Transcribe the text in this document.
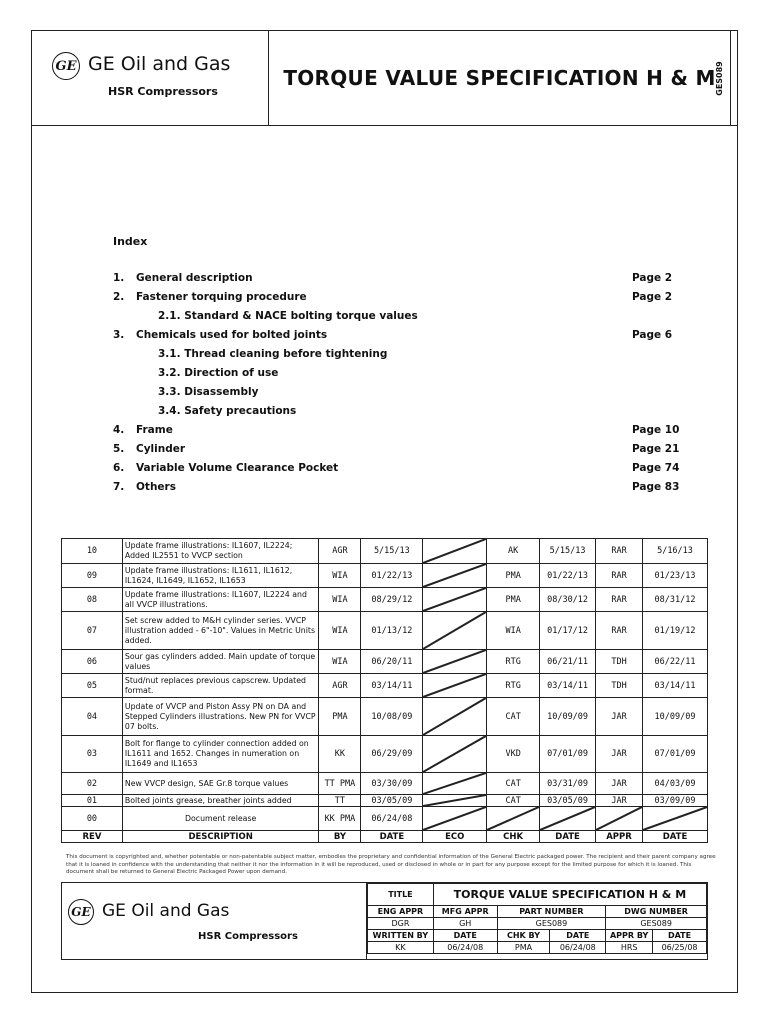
GE GE Oil and Gas
HSR Compressors
TORQUE VALUE SPECIFICATION H & M
GES089
Index
1. General description	Page 2
2. Fastener torquing procedure	Page 2
2.1. Standard & NACE bolting torque values
3. Chemicals used for bolted joints	Page 6
3.1. Thread cleaning before tightening
3.2. Direction of use
3.3. Disassembly
3.4. Safety precautions
4. Frame	Page 10
5. Cylinder	Page 21
6. Variable Volume Clearance Pocket	Page 74
7. Others	Page 83
10	Update frame illustrations: IL1607, IL2224; Added IL2551 to VVCP section	AGR	5/15/13		AK	5/15/13	RAR	5/16/13
09	Update frame illustrations: IL1611, IL1612, IL1624, IL1649, IL1652, IL1653	WIA	01/22/13		PMA	01/22/13	RAR	01/23/13
08	Update frame illustrations: IL1607, IL2224 and all VVCP illustrations.	WIA	08/29/12		PMA	08/30/12	RAR	08/31/12
07	Set screw added to M&H cylinder series. VVCP illustration added - 6"-10". Values in Metric Units added.	WIA	01/13/12		WIA	01/17/12	RAR	01/19/12
06	Sour gas cylinders added. Main update of torque values	WIA	06/20/11		RTG	06/21/11	TDH	06/22/11
05	Stud/nut replaces previous capscrew. Updated format.	AGR	03/14/11		RTG	03/14/11	TDH	03/14/11
04	Update of VVCP and Piston Assy PN on DA and Stepped Cylinders illustrations. New PN for VVCP 07 bolts.	PMA	10/08/09		CAT	10/09/09	JAR	10/09/09
03	Bolt for flange to cylinder connection added on IL1611 and 1652. Changes in numeration on IL1649 and IL1653	KK	06/29/09		VKD	07/01/09	JAR	07/01/09
02	New VVCP design, SAE Gr.8 torque values	TT PMA	03/30/09		CAT	03/31/09	JAR	04/03/09
01	Bolted joints grease, breather joints added	TT	03/05/09		CAT	03/05/09	JAR	03/09/09
00	Document release	KK PMA	06/24/08	

REV	DESCRIPTION	BY	DATE	ECO	CHK	DATE	APPR	DATE
This document is copyrighted and, whether potentable or non-patentable subject matter, embodies the proprietary and confidential information of the General Electric packaged power. The recipient and their parent company agree that it is loaned in confidence with the understanding that neither it nor the information in it will be reproduced, used or disclosed in whole or in part for any purpose except for the limited purpose for which it is loaned. This document shall be returned to General Electric Packaged Power upon demand.
GE GE Oil and Gas
HSR Compressors
TITLE	TORQUE VALUE SPECIFICATION H & M				
ENG APPR	MFG APPR	PART NUMBER		DWG NUMBER	
DGR	GH	GES089		GES089	
WRITTEN BY	DATE	CHK BY	DATE	APPR BY	DATE
KK	06/24/08	PMA	06/24/08	HRS	06/25/08
